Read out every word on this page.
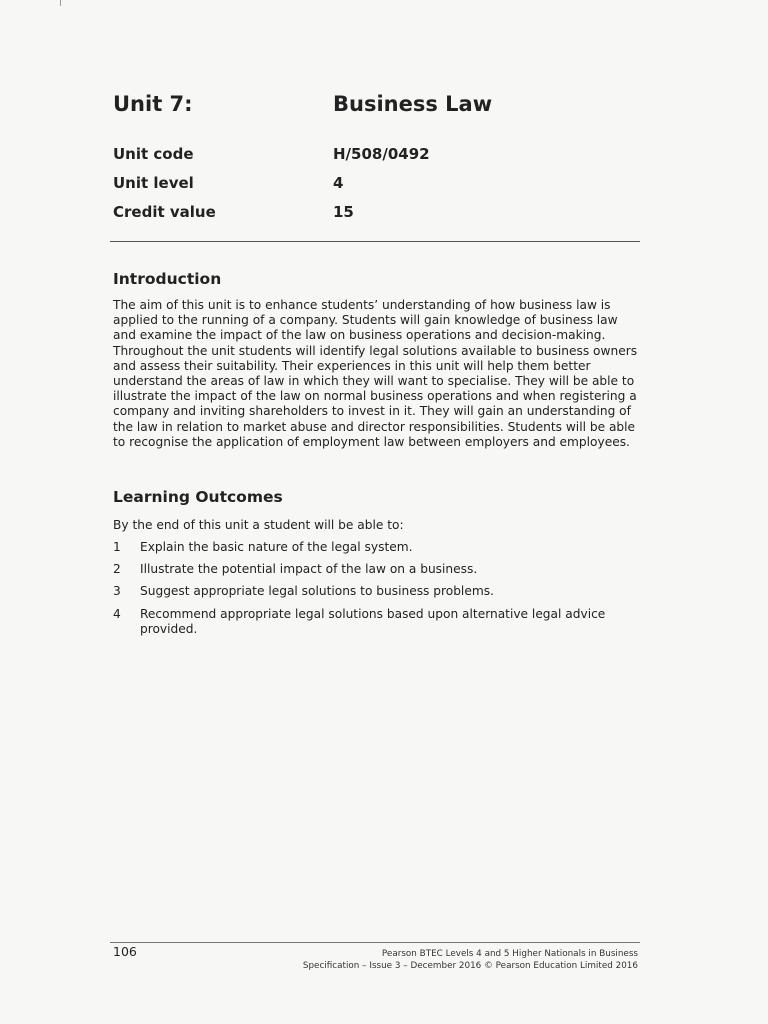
Unit 7:	Business Law
Unit code	H/508/0492
Unit level	4
Credit value	15
Introduction

The aim of this unit is to enhance students’ understanding of how business law is applied to the running of a company. Students will gain knowledge of business law and examine the impact of the law on business operations and decision-making. Throughout the unit students will identify legal solutions available to business owners and assess their suitability. Their experiences in this unit will help them better understand the areas of law in which they will want to specialise. They will be able to illustrate the impact of the law on normal business operations and when registering a company and inviting shareholders to invest in it. They will gain an understanding of the law in relation to market abuse and director responsibilities. Students will be able to recognise the application of employment law between employers and employees.

Learning Outcomes
By the end of this unit a student will be able to:
1 Explain the basic nature of the legal system.
2 Illustrate the potential impact of the law on a business.
3 Suggest appropriate legal solutions to business problems.
4 Recommend appropriate legal solutions based upon alternative legal advice provided.
106	Pearson BTEC Levels 4 and 5 Higher Nationals in Business
Specification – Issue 3 – December 2016 © Pearson Education Limited 2016
